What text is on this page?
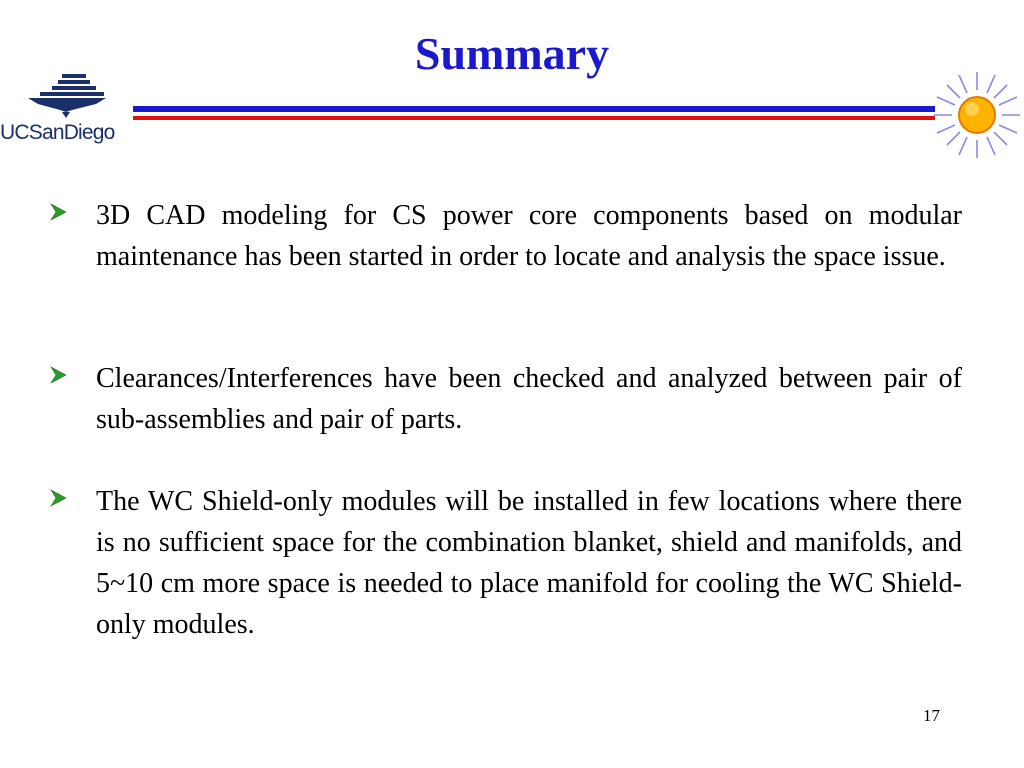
UCSanDiego
Summary
3D CAD modeling for CS power core components based on modular maintenance has been started in order to locate and analysis the space issue.
Clearances/Interferences have been checked and analyzed between pair of sub-assemblies and pair of parts.
The WC Shield-only modules will be installed in few locations where there is no sufficient space for the combination blanket, shield and manifolds, and 5~10 cm more space is needed to place manifold for cooling the WC Shield-only modules.
17
